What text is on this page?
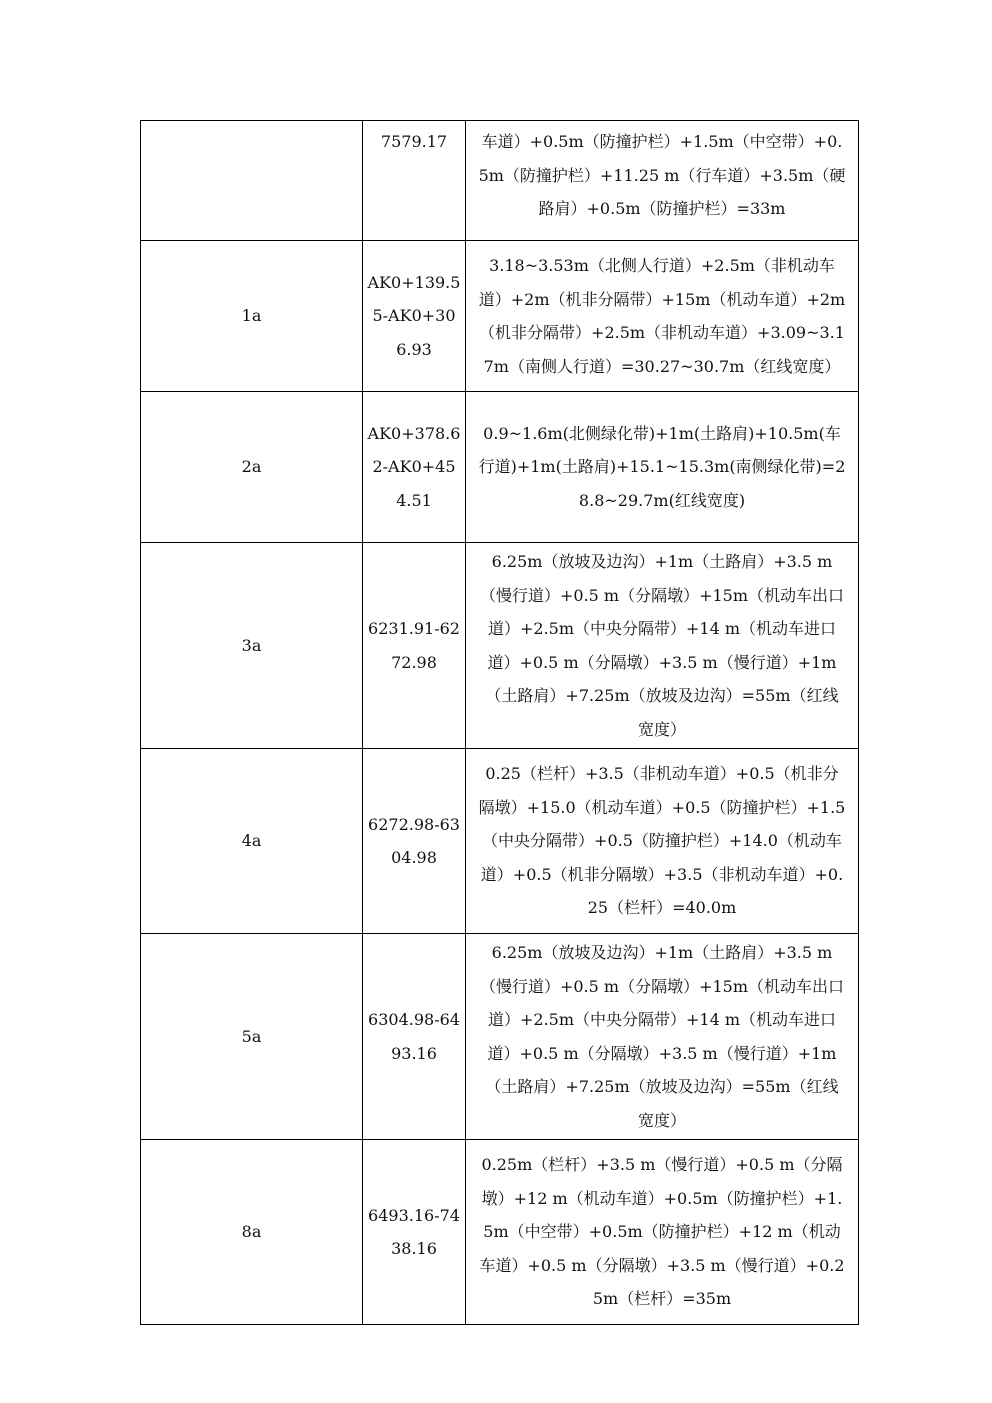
	7579.17	车道）+0.5m（防撞护栏）+1.5m（中空带）+0.5m（防撞护栏）+11.25 m（行车道）+3.5m（硬路肩）+0.5m（防撞护栏）=33m
1a	AK0+139.55-AK0+306.93	3.18~3.53m（北侧人行道）+2.5m（非机动车道）+2m（机非分隔带）+15m（机动车道）+2m（机非分隔带）+2.5m（非机动车道）+3.09~3.17m（南侧人行道）=30.27~30.7m（红线宽度）
2a	AK0+378.62-AK0+454.51	0.9~1.6m(北侧绿化带)+1m(土路肩)+10.5m(车行道)+1m(土路肩)+15.1~15.3m(南侧绿化带)=28.8~29.7m(红线宽度)
3a	6231.91-6272.98	6.25m（放坡及边沟）+1m（土路肩）+3.5 m（慢行道）+0.5 m（分隔墩）+15m（机动车出口道）+2.5m（中央分隔带）+14 m（机动车进口道）+0.5 m（分隔墩）+3.5 m（慢行道）+1m（土路肩）+7.25m（放坡及边沟）=55m（红线宽度）
4a	6272.98-6304.98	0.25（栏杆）+3.5（非机动车道）+0.5（机非分隔墩）+15.0（机动车道）+0.5（防撞护栏）+1.5（中央分隔带）+0.5（防撞护栏）+14.0（机动车道）+0.5（机非分隔墩）+3.5（非机动车道）+0.25（栏杆）=40.0m
5a	6304.98-6493.16	6.25m（放坡及边沟）+1m（土路肩）+3.5 m（慢行道）+0.5 m（分隔墩）+15m（机动车出口道）+2.5m（中央分隔带）+14 m（机动车进口道）+0.5 m（分隔墩）+3.5 m（慢行道）+1m（土路肩）+7.25m（放坡及边沟）=55m（红线宽度）
8a	6493.16-7438.16	0.25m（栏杆）+3.5 m（慢行道）+0.5 m（分隔墩）+12 m（机动车道）+0.5m（防撞护栏）+1.5m（中空带）+0.5m（防撞护栏）+12 m（机动车道）+0.5 m（分隔墩）+3.5 m（慢行道）+0.25m（栏杆）=35m
